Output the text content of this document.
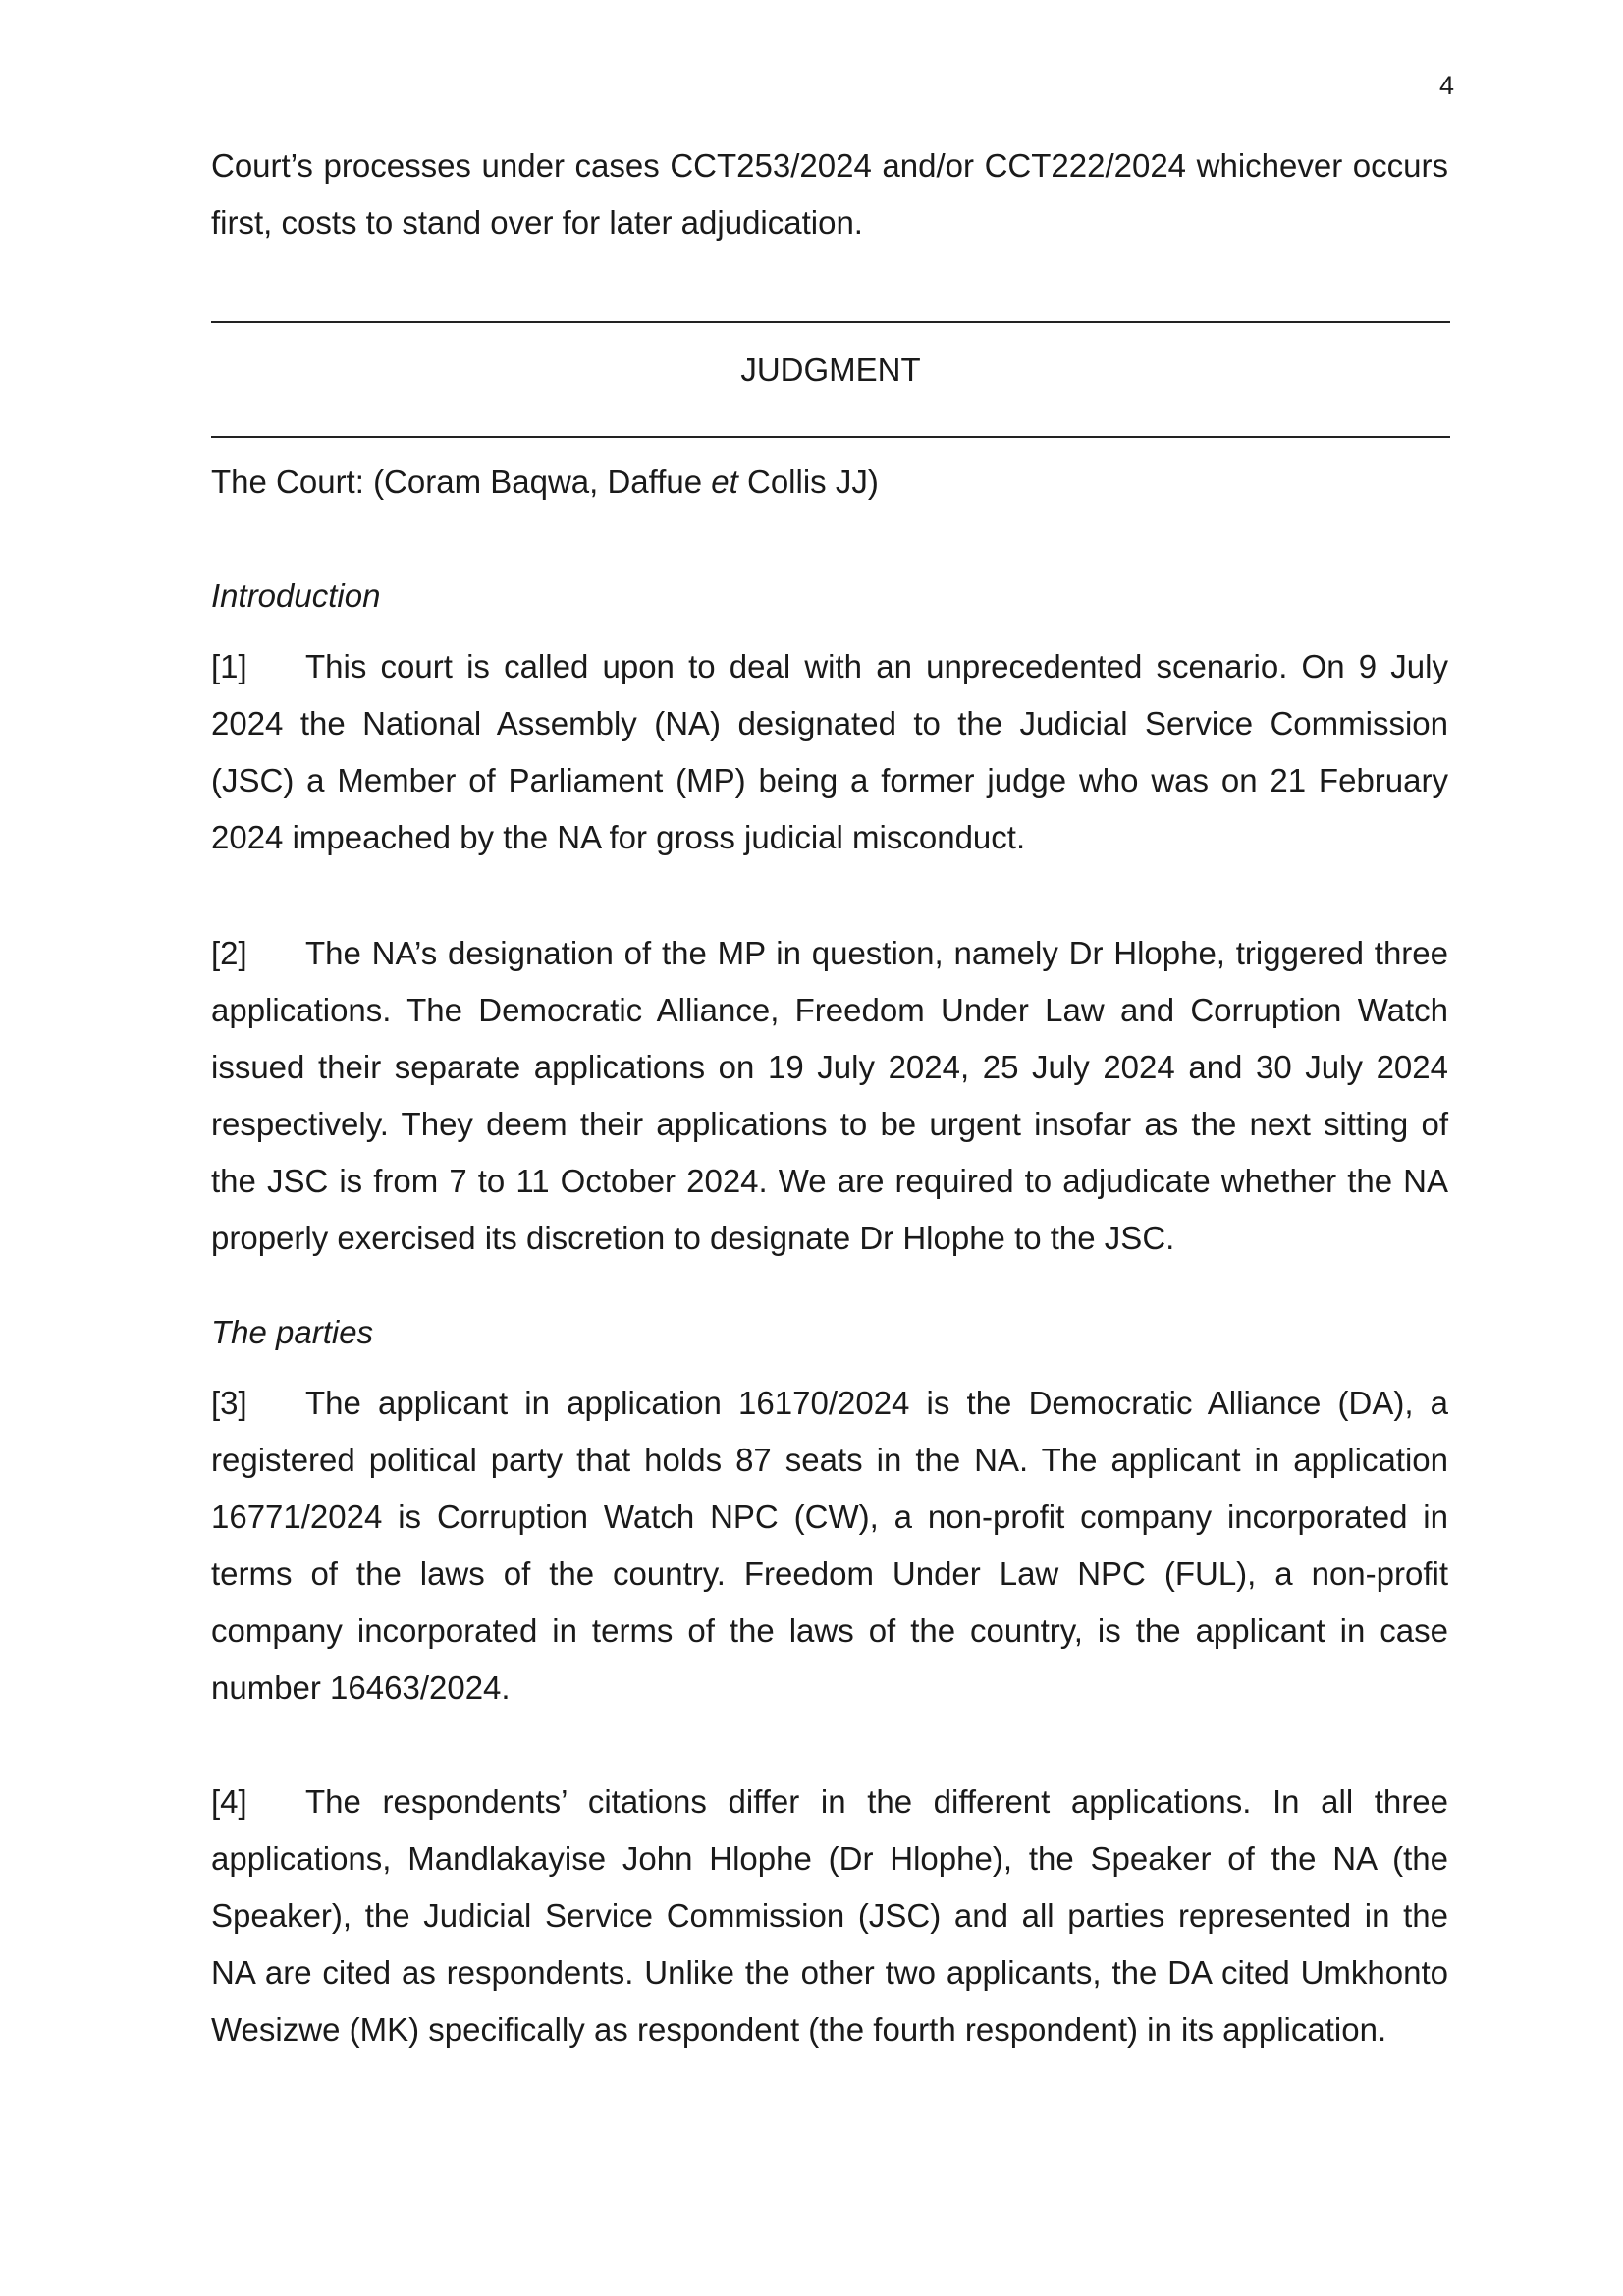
4

Court’s processes under cases CCT253/2024 and/or CCT222/2024 whichever occurs first, costs to stand over for later adjudication.

JUDGMENT
The Court: (Coram Baqwa, Daffue et Collis JJ)
Introduction

[1] This court is called upon to deal with an unprecedented scenario. On 9 July 2024 the National Assembly (NA) designated to the Judicial Service Commission (JSC) a Member of Parliament (MP) being a former judge who was on 21 February 2024 impeached by the NA for gross judicial misconduct.

[2] The NA’s designation of the MP in question, namely Dr Hlophe, triggered three applications. The Democratic Alliance, Freedom Under Law and Corruption Watch issued their separate applications on 19 July 2024, 25 July 2024 and 30 July 2024 respectively. They deem their applications to be urgent insofar as the next sitting of the JSC is from 7 to 11 October 2024. We are required to adjudicate whether the NA properly exercised its discretion to designate Dr Hlophe to the JSC.

The parties

[3] The applicant in application 16170/2024 is the Democratic Alliance (DA), a registered political party that holds 87 seats in the NA. The applicant in application 16771/2024 is Corruption Watch NPC (CW), a non-profit company incorporated in terms of the laws of the country. Freedom Under Law NPC (FUL), a non-profit company incorporated in terms of the laws of the country, is the applicant in case number 16463/2024.

[4] The respondents’ citations differ in the different applications. In all three applications, Mandlakayise John Hlophe (Dr Hlophe), the Speaker of the NA (the Speaker), the Judicial Service Commission (JSC) and all parties represented in the NA are cited as respondents. Unlike the other two applicants, the DA cited Umkhonto Wesizwe (MK) specifically as respondent (the fourth respondent) in its application.
